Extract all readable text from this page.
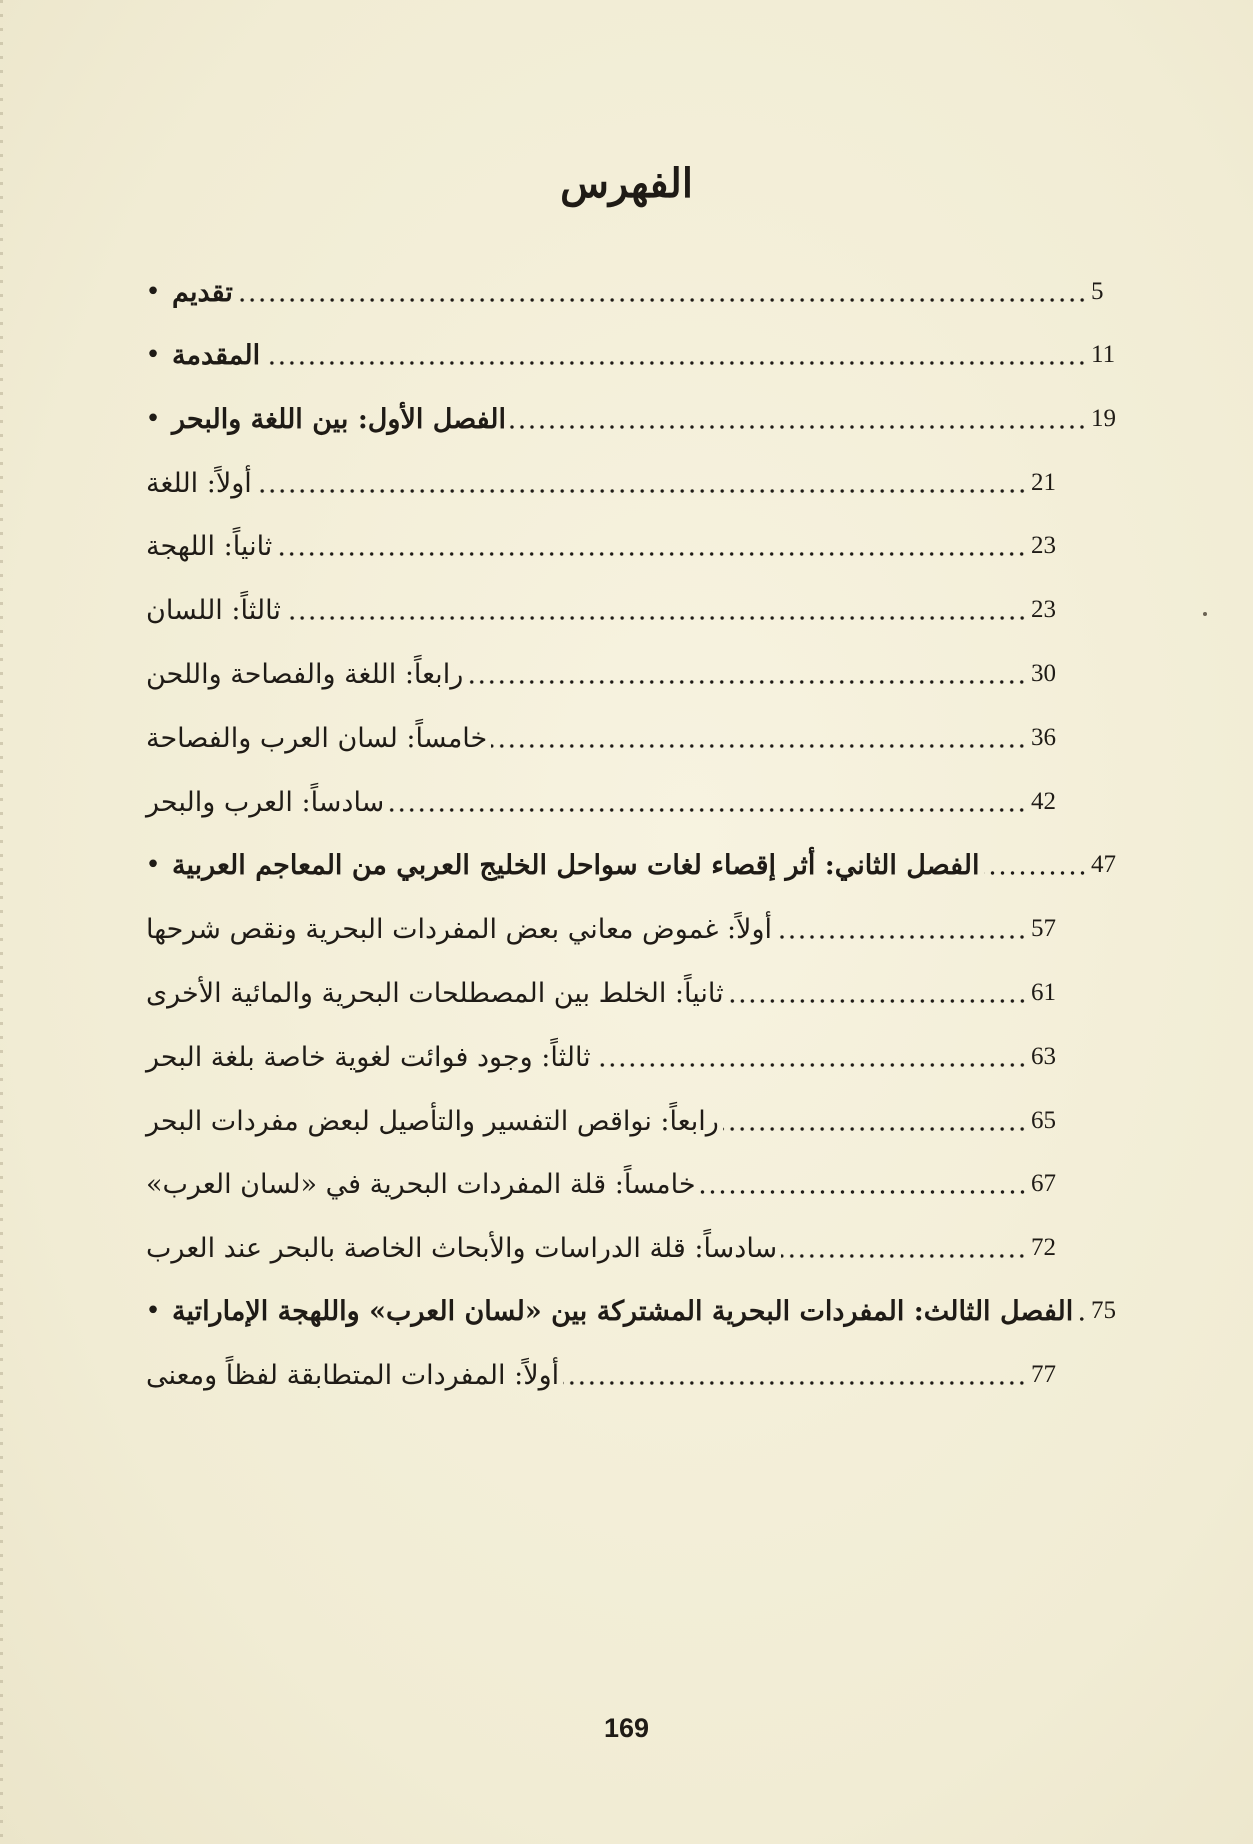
الفهرس
• تقديم	5
• المقدمة	11
• الفصل الأول: بين اللغة والبحر	19
أولاً: اللغة	21
ثانياً: اللهجة	23
ثالثاً: اللسان	23
رابعاً: اللغة والفصاحة واللحن	30
خامساً: لسان العرب والفصاحة	36
سادساً: العرب والبحر	42
• الفصل الثاني: أثر إقصاء لغات سواحل الخليج العربي من المعاجم العربية	47
أولاً: غموض معاني بعض المفردات البحرية ونقص شرحها	57
ثانياً: الخلط بين المصطلحات البحرية والمائية الأخرى	61
ثالثاً: وجود فوائت لغوية خاصة بلغة البحر	63
رابعاً: نواقص التفسير والتأصيل لبعض مفردات البحر	65
خامساً: قلة المفردات البحرية في «لسان العرب»	67
سادساً: قلة الدراسات والأبحاث الخاصة بالبحر عند العرب	72
• الفصل الثالث: المفردات البحرية المشتركة بين «لسان العرب» واللهجة الإماراتية 75
أولاً: المفردات المتطابقة لفظاً ومعنى	77
169
